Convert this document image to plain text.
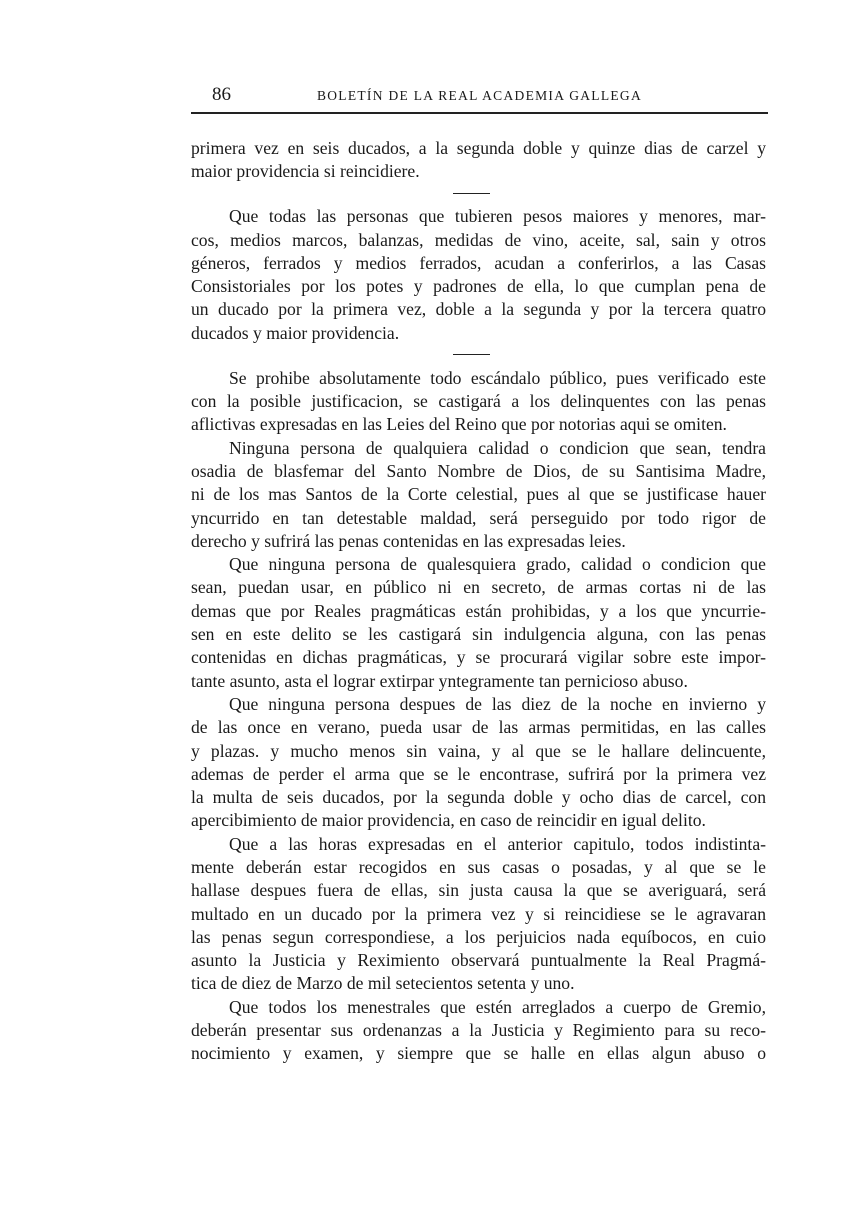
86	BOLETÍN DE LA REAL ACADEMIA GALLEGA
primera vez en seis ducados, a la segunda doble y quinze dias de carzel y
maior providencia si reincidiere.
Que todas las personas que tubieren pesos maiores y menores, mar-
cos, medios marcos, balanzas, medidas de vino, aceite, sal, sain y otros
géneros, ferrados y medios ferrados, acudan a conferirlos, a las Casas
Consistoriales por los potes y padrones de ella, lo que cumplan pena de
un ducado por la primera vez, doble a la segunda y por la tercera quatro
ducados y maior providencia.
Se prohibe absolutamente todo escándalo público, pues verificado este
con la posible justificacion, se castigará a los delinquentes con las penas
aflictivas expresadas en las Leies del Reino que por notorias aqui se omiten.
Ninguna persona de qualquiera calidad o condicion que sean, tendra
osadia de blasfemar del Santo Nombre de Dios, de su Santisima Madre,
ni de los mas Santos de la Corte celestial, pues al que se justificase hauer
yncurrido en tan detestable maldad, será perseguido por todo rigor de
derecho y sufrirá las penas contenidas en las expresadas leies.
Que ninguna persona de qualesquiera grado, calidad o condicion que
sean, puedan usar, en público ni en secreto, de armas cortas ni de las
demas que por Reales pragmáticas están prohibidas, y a los que yncurrie-
sen en este delito se les castigará sin indulgencia alguna, con las penas
contenidas en dichas pragmáticas, y se procurará vigilar sobre este impor-
tante asunto, asta el lograr extirpar yntegramente tan pernicioso abuso.
Que ninguna persona despues de las diez de la noche en invierno y
de las once en verano, pueda usar de las armas permitidas, en las calles
y plazas. y mucho menos sin vaina, y al que se le hallare delincuente,
ademas de perder el arma que se le encontrase, sufrirá por la primera vez
la multa de seis ducados, por la segunda doble y ocho dias de carcel, con
apercibimiento de maior providencia, en caso de reincidir en igual delito.
Que a las horas expresadas en el anterior capitulo, todos indistinta-
mente deberán estar recogidos en sus casas o posadas, y al que se le
hallase despues fuera de ellas, sin justa causa la que se averiguará, será
multado en un ducado por la primera vez y si reincidiese se le agravaran
las penas segun correspondiese, a los perjuicios nada equíbocos, en cuio
asunto la Justicia y Reximiento observará puntualmente la Real Pragmá-
tica de diez de Marzo de mil setecientos setenta y uno.
Que todos los menestrales que estén arreglados a cuerpo de Gremio,
deberán presentar sus ordenanzas a la Justicia y Regimiento para su reco-
nocimiento y examen, y siempre que se halle en ellas algun abuso o
